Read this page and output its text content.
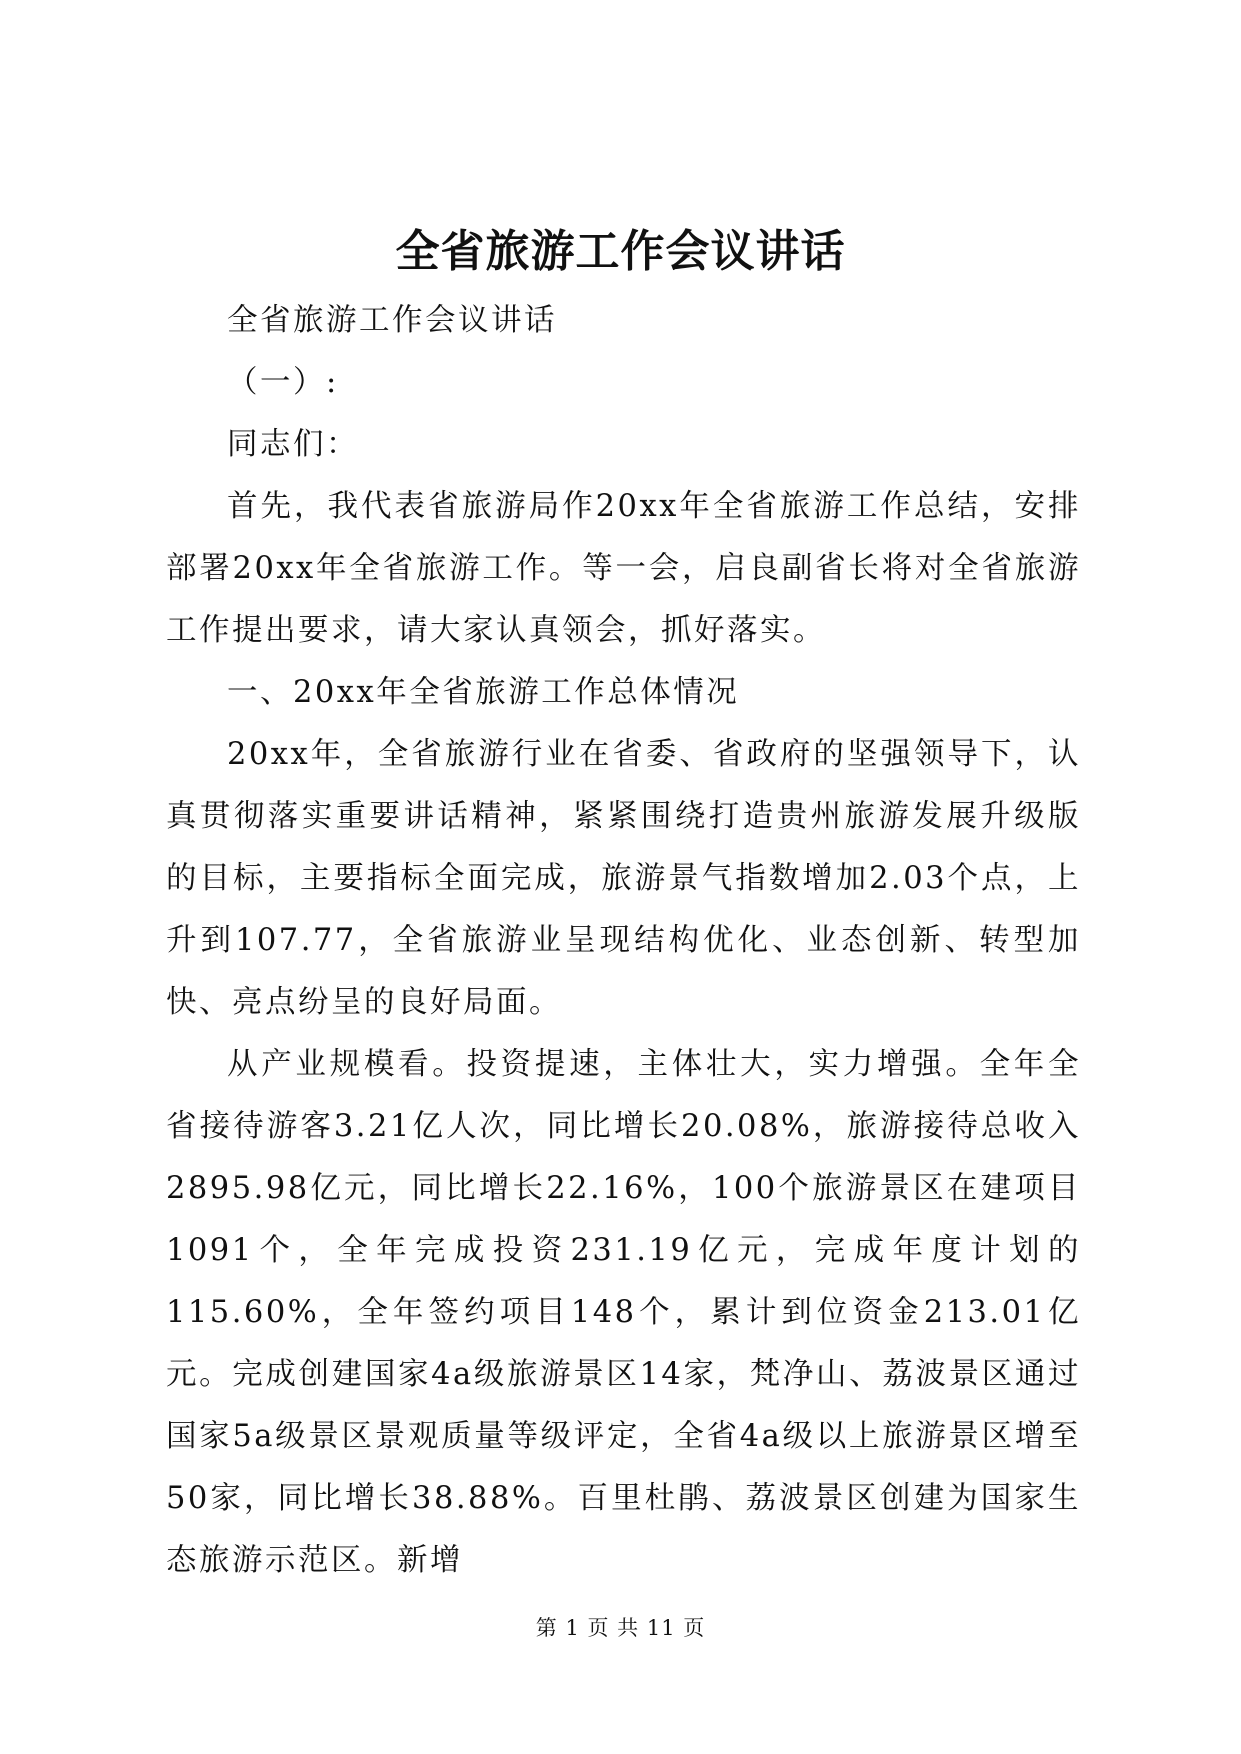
全省旅游工作会议讲话

全省旅游工作会议讲话

（一）:

同志们：

首先，我代表省旅游局作20xx年全省旅游工作总结，安排部署20xx年全省旅游工作。等一会，启良副省长将对全省旅游工作提出要求，请大家认真领会，抓好落实。

一、20xx年全省旅游工作总体情况

20xx年，全省旅游行业在省委、省政府的坚强领导下，认真贯彻落实重要讲话精神，紧紧围绕打造贵州旅游发展升级版的目标，主要指标全面完成，旅游景气指数增加2.03个点，上升到107.77，全省旅游业呈现结构优化、业态创新、转型加快、亮点纷呈的良好局面。

从产业规模看。投资提速，主体壮大，实力增强。全年全省接待游客3.21亿人次，同比增长20.08%，旅游接待总收入2895.98亿元，同比增长22.16%，100个旅游景区在建项目1091个，全年完成投资231.19亿元，完成年度计划的115.60%，全年签约项目148个，累计到位资金213.01亿元。完成创建国家4a级旅游景区14家，梵净山、荔波景区通过国家5a级景区景观质量等级评定，全省4a级以上旅游景区增至50家，同比增长38.88%。百里杜鹃、荔波景区创建为国家生态旅游示范区。新增

第 1 页 共 11 页
